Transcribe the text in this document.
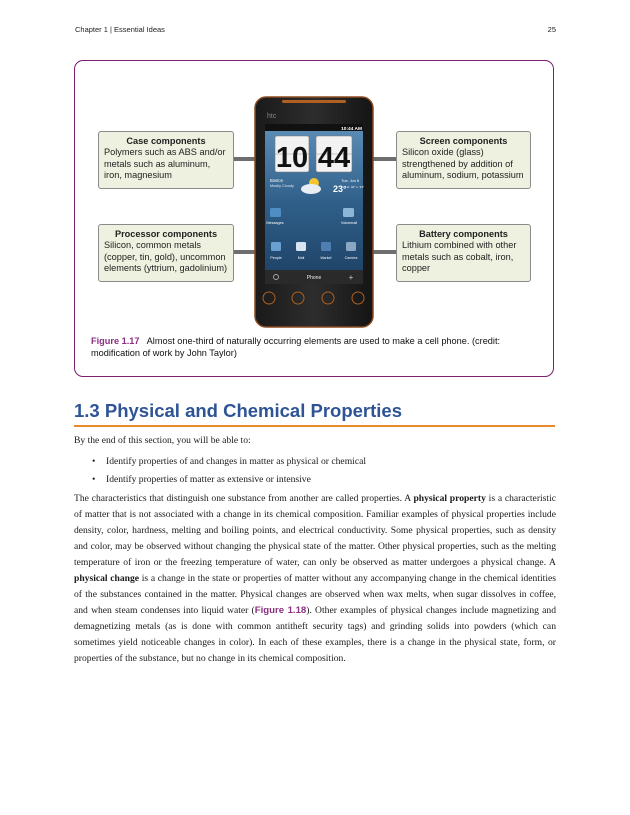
Chapter 1 | Essential Ideas	25
Case components
Polymers such as ABS and/or metals such as aluminum, iron, magnesium
Screen components
Silicon oxide (glass) strengthened by addition of aluminum, sodium, potassium
Processor components
Silicon, common metals (copper, tin, gold), uncommon elements (yttrium, gadolinium)
Battery components
Lithium combined with other metals such as cobalt, iron, copper
htc
10:44 AM
10 44
Boston
Mostly Cloudy
Tue, Jun 8
23° H: 42° L: 33°
Messages	Voicemail
People	Mail	Market	Camera
Phone	+
Figure 1.17 Almost one-third of naturally occurring elements are used to make a cell phone. (credit: modification of work by John Taylor)
1.3 Physical and Chemical Properties

By the end of this section, you will be able to:

• Identify properties of and changes in matter as physical or chemical
• Identify properties of matter as extensive or intensive

The characteristics that distinguish one substance from another are called properties. A physical property is a characteristic of matter that is not associated with a change in its chemical composition. Familiar examples of physical properties include density, color, hardness, melting and boiling points, and electrical conductivity. Some physical properties, such as density and color, may be observed without changing the physical state of the matter. Other physical properties, such as the melting temperature of iron or the freezing temperature of water, can only be observed as matter undergoes a physical change. A physical change is a change in the state or properties of matter without any accompanying change in the chemical identities of the substances contained in the matter. Physical changes are observed when wax melts, when sugar dissolves in coffee, and when steam condenses into liquid water (Figure 1.18). Other examples of physical changes include magnetizing and demagnetizing metals (as is done with common antitheft security tags) and grinding solids into powders (which can sometimes yield noticeable changes in color). In each of these examples, there is a change in the physical state, form, or properties of the substance, but no change in its chemical composition.
